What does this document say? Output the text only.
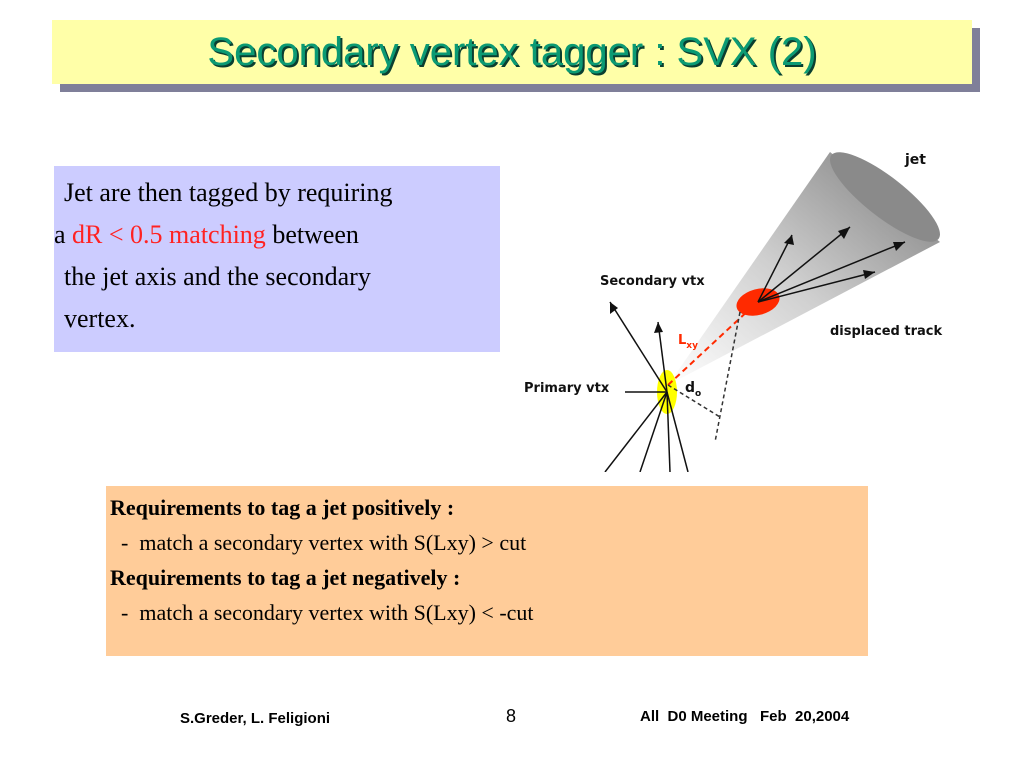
Secondary vertex tagger : SVX (2)
Jet are then tagged by requiring
a dR < 0.5 matching between
the jet axis and the secondary
vertex.
jet
Secondary vtx
displaced track
Primary vtx
$L_{xy}$
$d_o$
Requirements to tag a jet positively :
-  match a secondary vertex with S(Lxy) > cut
Requirements to tag a jet negatively :
-  match a secondary vertex with S(Lxy) < -cut
S.Greder, L. Feligioni	8	All  D0 Meeting   Feb  20,2004
